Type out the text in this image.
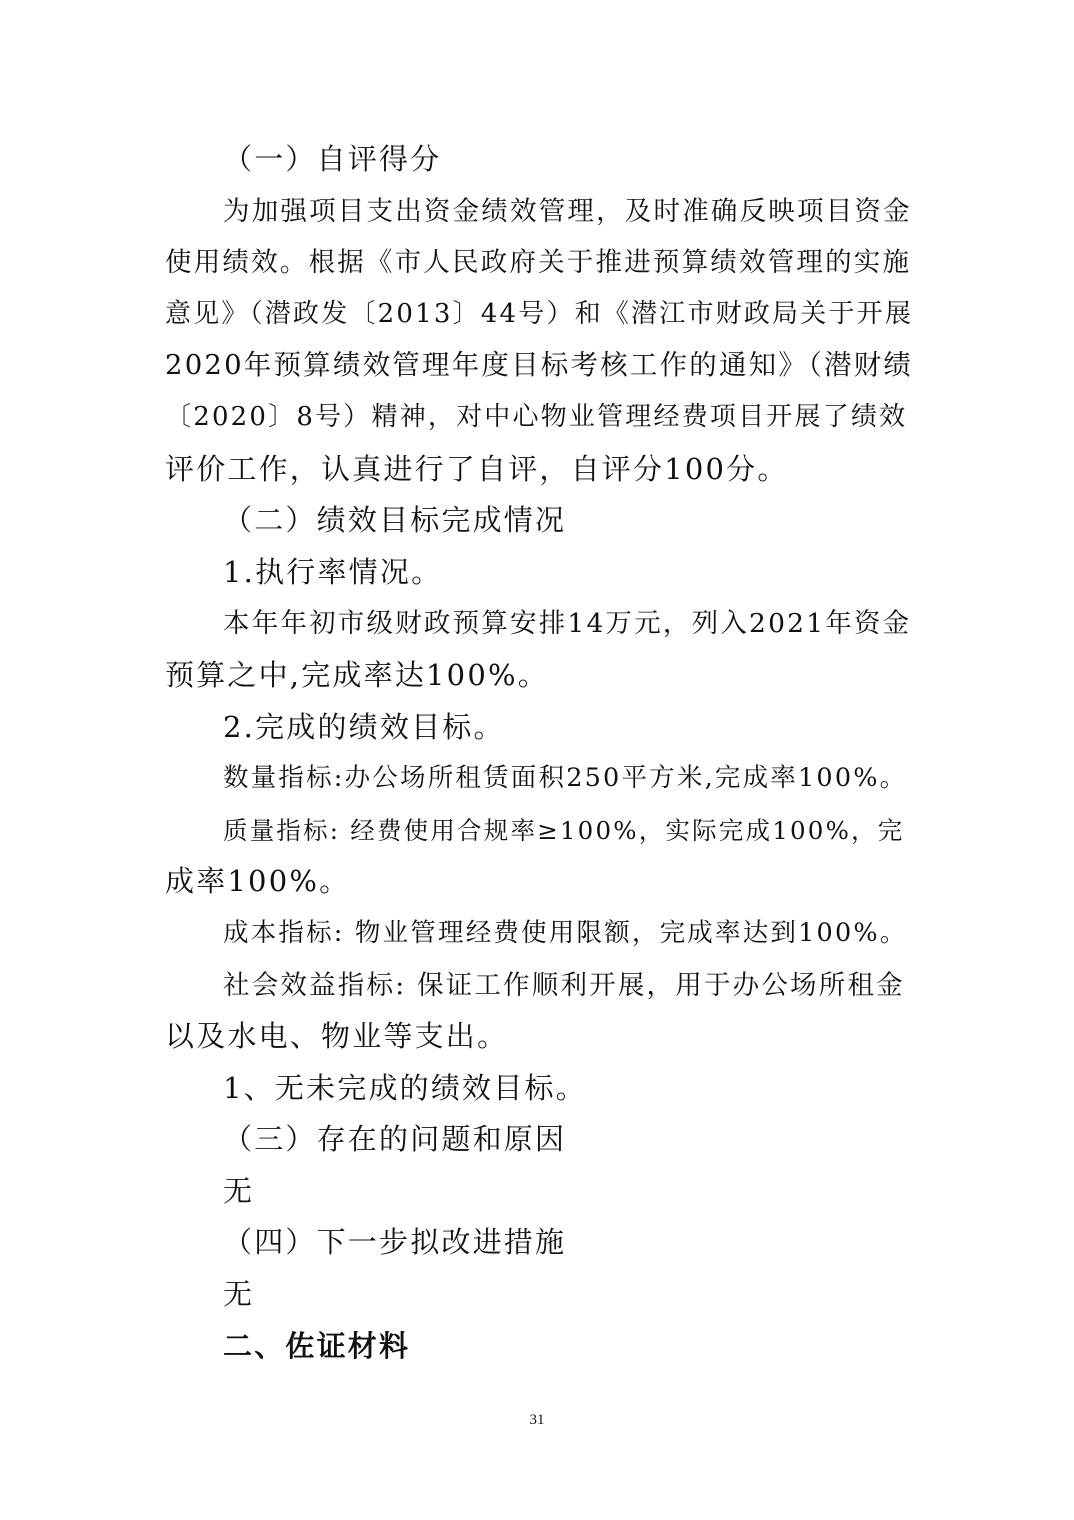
（一）自评得分
为加强项目支出资金绩效管理，及时准确反映项目资金
使用绩效。根据《市人民政府关于推进预算绩效管理的实施
意见》（潜政发〔2013〕44号）和《潜江市财政局关于开展
2020年预算绩效管理年度目标考核工作的通知》（潜财绩
〔2020〕8号）精神，对中心物业管理经费项目开展了绩效
评价工作，认真进行了自评，自评分100分。
（二）绩效目标完成情况
1.执行率情况。
本年年初市级财政预算安排14万元，列入2021年资金
预算之中,完成率达100%。
2.完成的绩效目标。
数量指标:办公场所租赁面积250平方米,完成率100%。
质量指标: 经费使用合规率≥100%，实际完成100%，完
成率100%。
成本指标: 物业管理经费使用限额，完成率达到100%。
社会效益指标: 保证工作顺利开展，用于办公场所租金
以及水电、物业等支出。
1、无未完成的绩效目标。
（三）存在的问题和原因
无
（四）下一步拟改进措施
无
二、佐证材料
31
